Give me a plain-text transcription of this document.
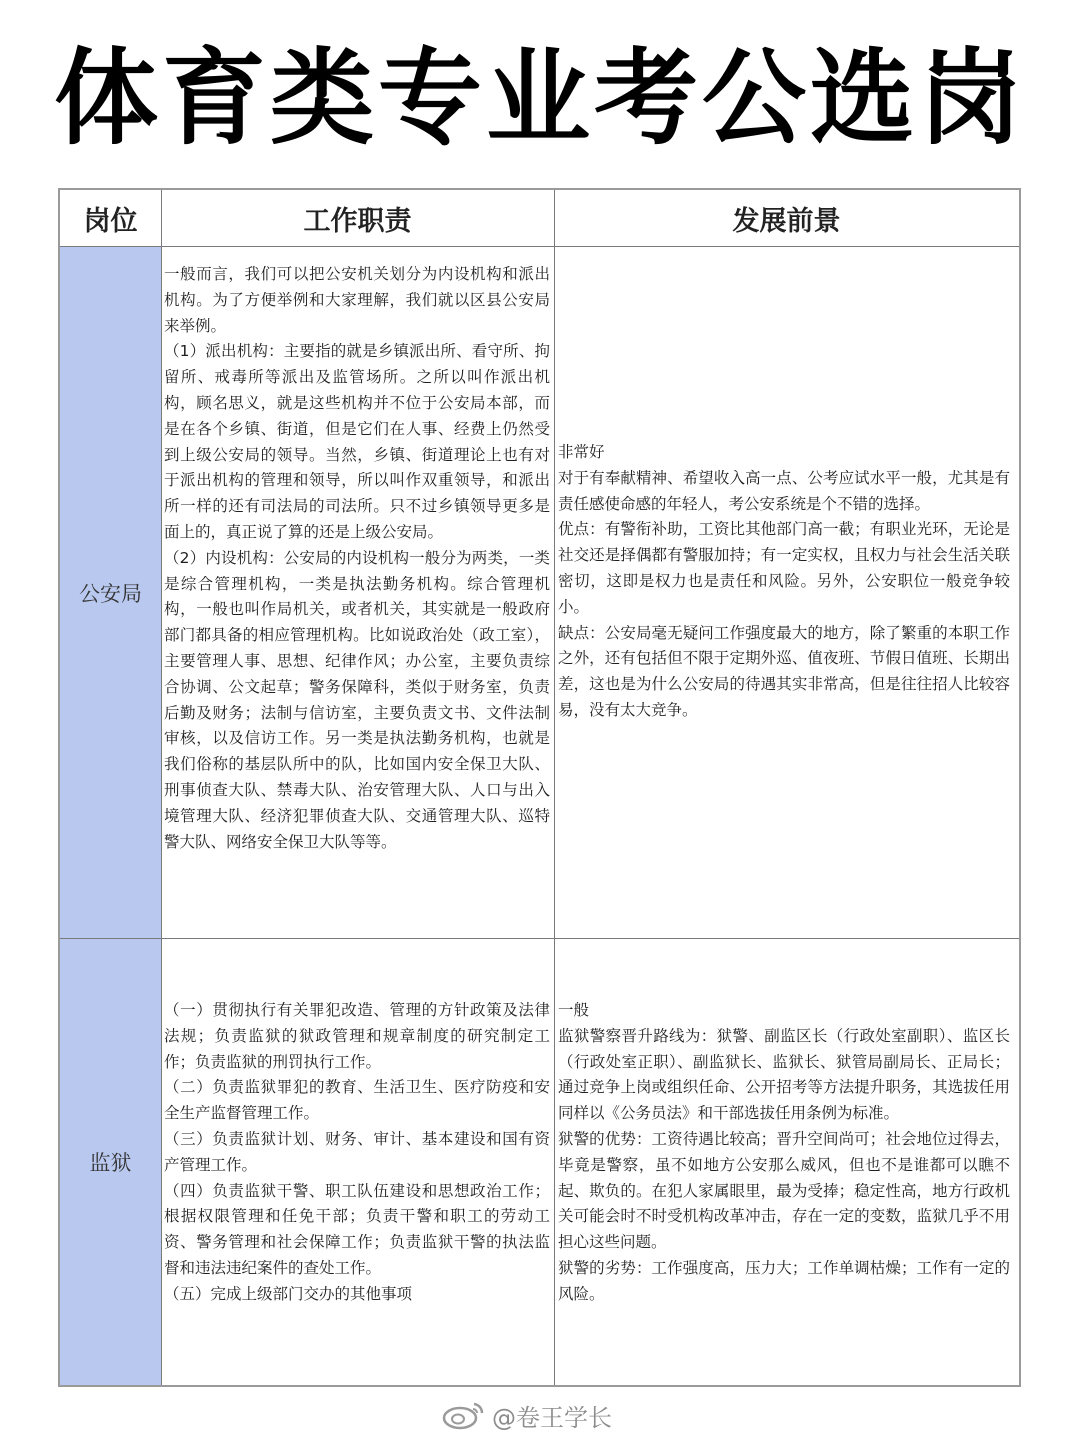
体育类专业考公选岗
岗位	工作职责	发展前景
公安局

一般而言，我们可以把公安机关划分为内设机构和派出机构。为了方便举例和大家理解，我们就以区县公安局来举例。

（1）派出机构：主要指的就是乡镇派出所、看守所、拘留所、戒毒所等派出及监管场所。之所以叫作派出机构，顾名思义，就是这些机构并不位于公安局本部，而是在各个乡镇、街道，但是它们在人事、经费上仍然受到上级公安局的领导。当然，乡镇、街道理论上也有对于派出机构的管理和领导，所以叫作双重领导，和派出所一样的还有司法局的司法所。只不过乡镇领导更多是面上的，真正说了算的还是上级公安局。

（2）内设机构：公安局的内设机构一般分为两类，一类是综合管理机构，一类是执法勤务机构。综合管理机构，一般也叫作局机关，或者机关，其实就是一般政府部门都具备的相应管理机构。比如说政治处（政工室），主要管理人事、思想、纪律作风；办公室，主要负责综合协调、公文起草；警务保障科，类似于财务室，负责后勤及财务；法制与信访室，主要负责文书、文件法制审核，以及信访工作。另一类是执法勤务机构，也就是我们俗称的基层队所中的队，比如国内安全保卫大队、刑事侦查大队、禁毒大队、治安管理大队、人口与出入境管理大队、经济犯罪侦查大队、交通管理大队、巡特警大队、网络安全保卫大队等等。

非常好

对于有奉献精神、希望收入高一点、公考应试水平一般，尤其是有责任感使命感的年轻人，考公安系统是个不错的选择。

优点：有警衔补助，工资比其他部门高一截；有职业光环，无论是社交还是择偶都有警服加持；有一定实权，且权力与社会生活关联密切，这即是权力也是责任和风险。另外，公安职位一般竞争较小。

缺点：公安局毫无疑问工作强度最大的地方，除了繁重的本职工作之外，还有包括但不限于定期外巡、值夜班、节假日值班、长期出差，这也是为什么公安局的待遇其实非常高，但是往往招人比较容易，没有太大竞争。

监狱

（一）贯彻执行有关罪犯改造、管理的方针政策及法律法规；负责监狱的狱政管理和规章制度的研究制定工作；负责监狱的刑罚执行工作。

（二）负责监狱罪犯的教育、生活卫生、医疗防疫和安全生产监督管理工作。

（三）负责监狱计划、财务、审计、基本建设和国有资产管理工作。

（四）负责监狱干警、职工队伍建设和思想政治工作；根据权限管理和任免干部；负责干警和职工的劳动工资、警务管理和社会保障工作；负责监狱干警的执法监督和违法违纪案件的查处工作。

（五）完成上级部门交办的其他事项

一般

监狱警察晋升路线为：狱警、副监区长（行政处室副职）、监区长（行政处室正职）、副监狱长、监狱长、狱管局副局长、正局长；通过竞争上岗或组织任命、公开招考等方法提升职务，其选拔任用同样以《公务员法》和干部选拔任用条例为标准。

狱警的优势：工资待遇比较高；晋升空间尚可；社会地位过得去，毕竟是警察，虽不如地方公安那么威风，但也不是谁都可以瞧不起、欺负的。在犯人家属眼里，最为受捧；稳定性高，地方行政机关可能会时不时受机构改革冲击，存在一定的变数，监狱几乎不用担心这些问题。

狱警的劣势：工作强度高，压力大；工作单调枯燥；工作有一定的风险。

@卷王学长
